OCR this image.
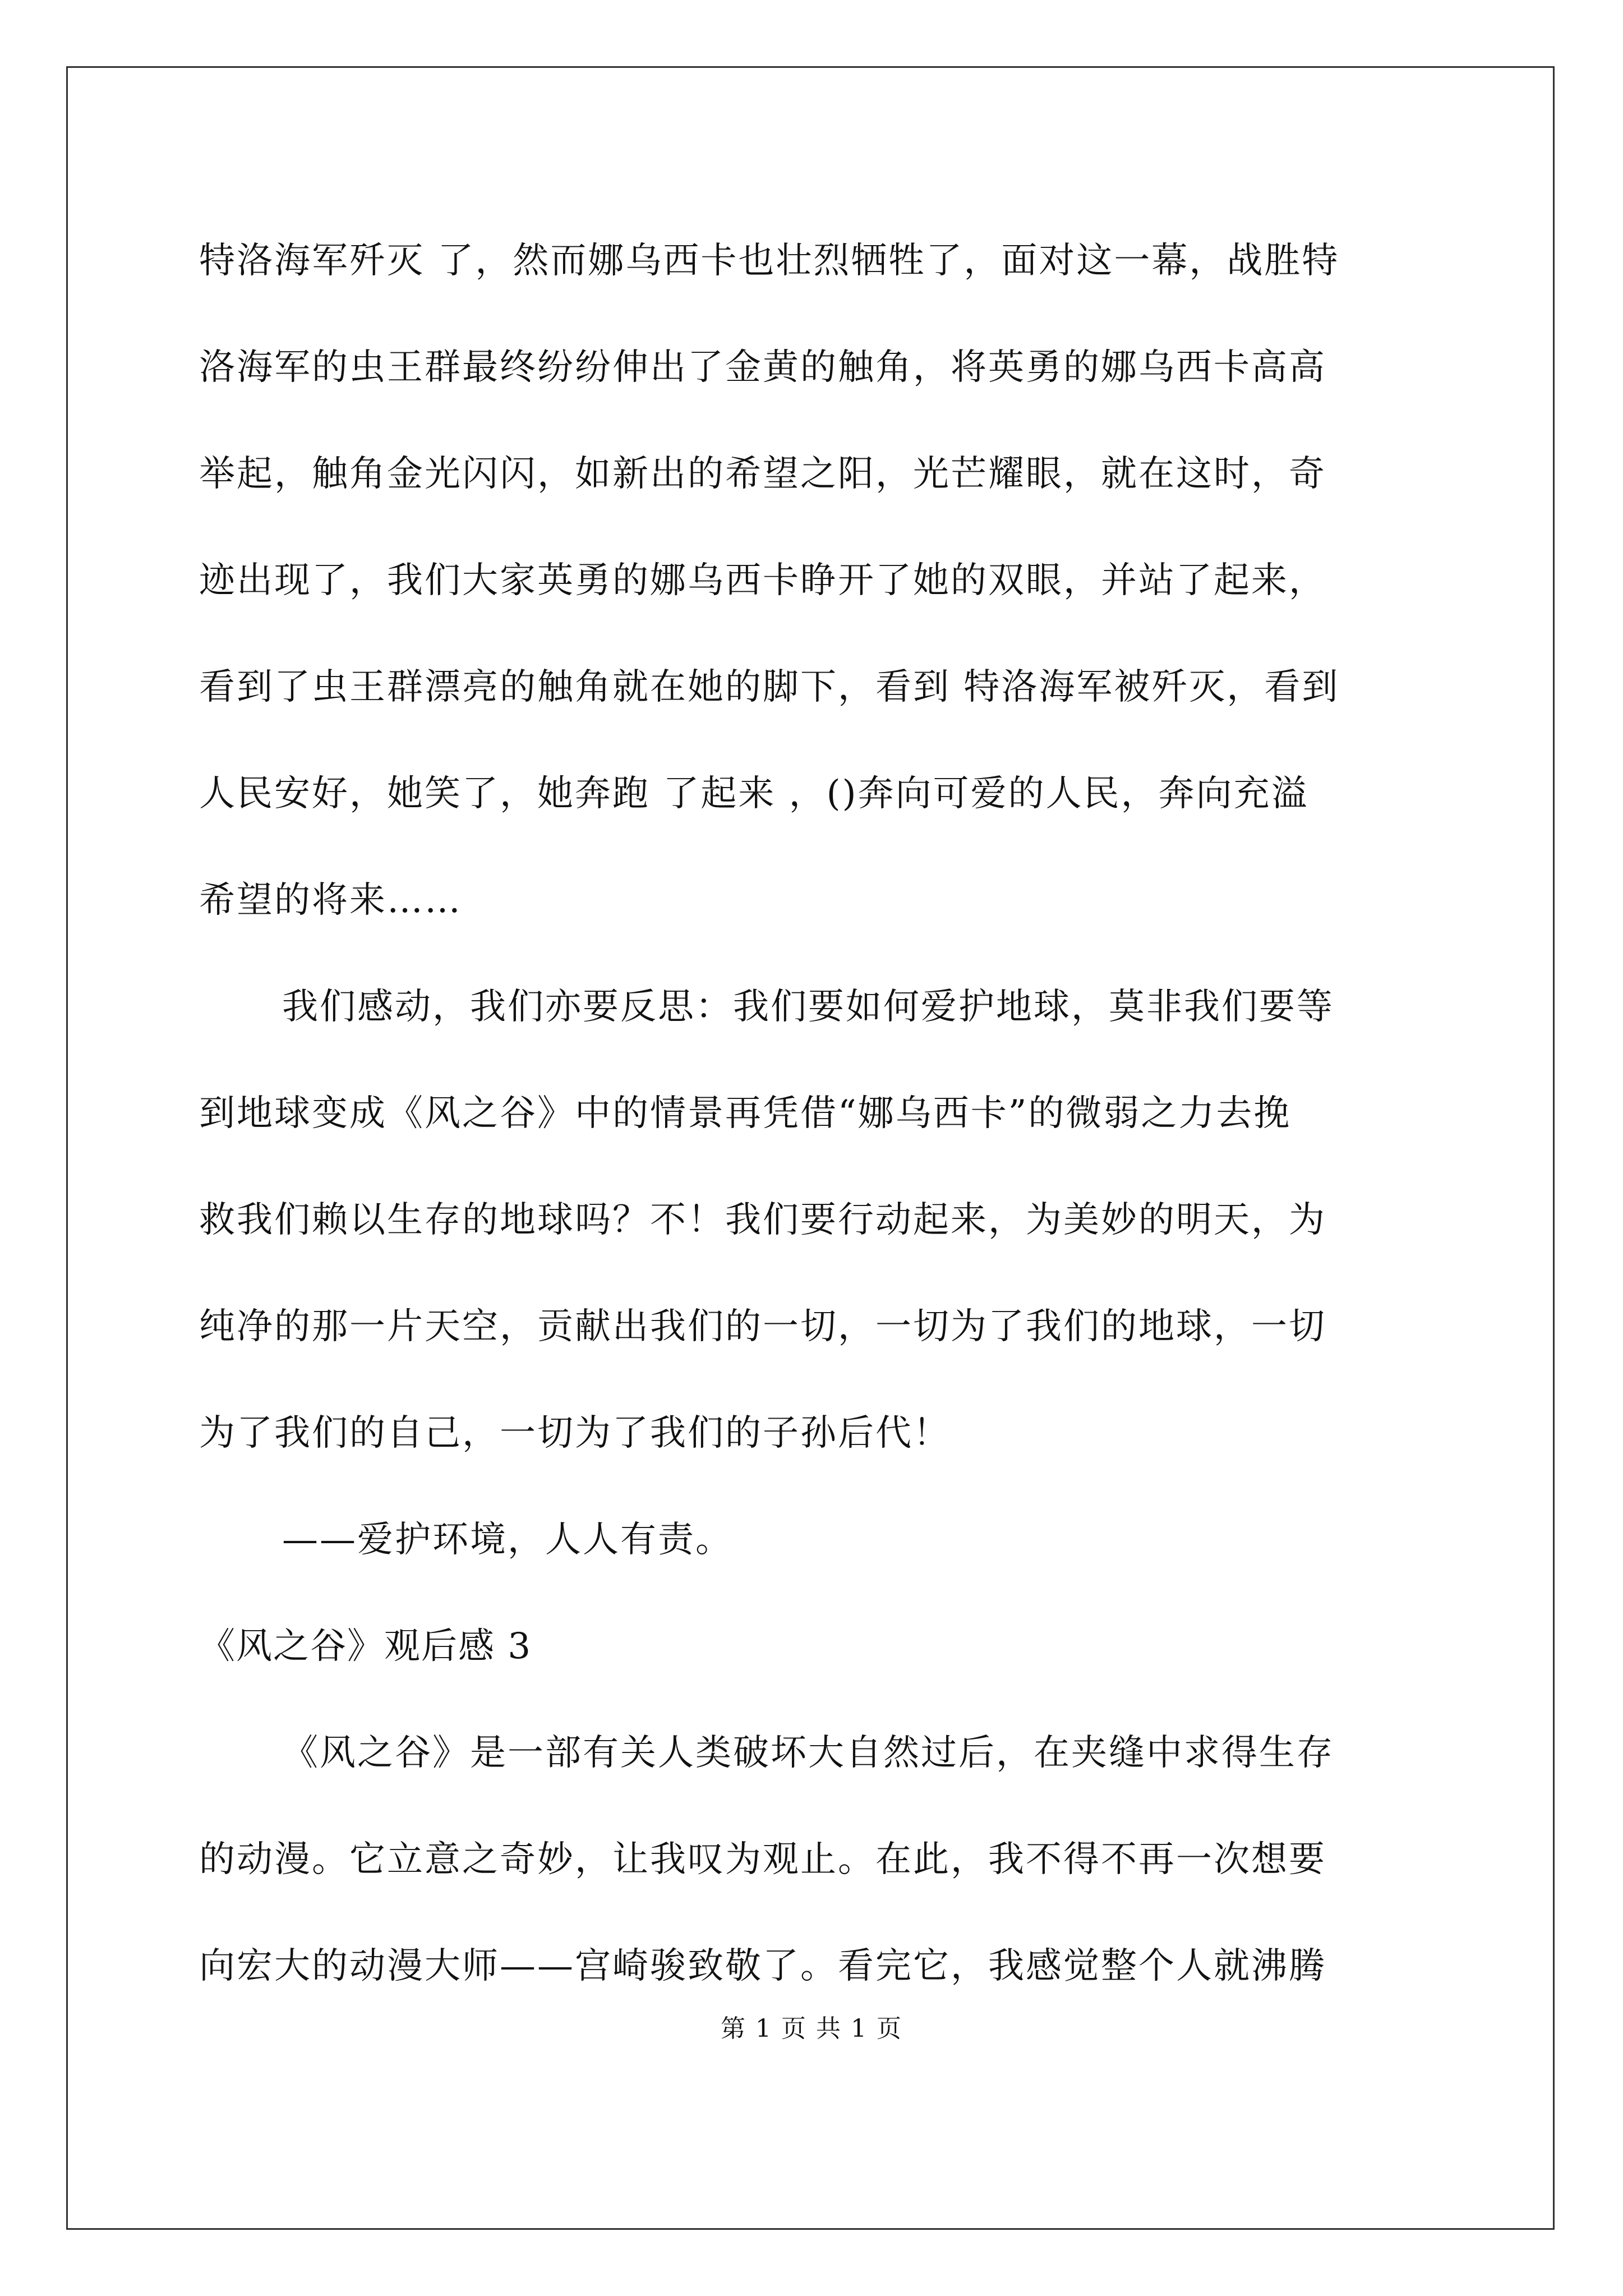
特洛海军歼灭 了，然而娜乌西卡也壮烈牺牲了，面对这一幕，战胜特

洛海军的虫王群最终纷纷伸出了金黄的触角，将英勇的娜乌西卡高高

举起，触角金光闪闪，如新出的希望之阳，光芒耀眼，就在这时，奇

迹出现了，我们大家英勇的娜乌西卡睁开了她的双眼，并站了起来，

看到了虫王群漂亮的触角就在她的脚下，看到 特洛海军被歼灭，看到

人民安好，她笑了，她奔跑 了起来 ，()奔向可爱的人民，奔向充溢

希望的将来……

我们感动，我们亦要反思：我们要如何爱护地球，莫非我们要等

到地球变成《风之谷》中的情景再凭借“娜乌西卡”的微弱之力去挽

救我们赖以生存的地球吗？不！我们要行动起来，为美妙的明天，为

纯净的那一片天空，贡献出我们的一切，一切为了我们的地球，一切

为了我们的自己，一切为了我们的子孙后代！

——爱护环境，人人有责。

《风之谷》观后感 3

《风之谷》是一部有关人类破坏大自然过后，在夹缝中求得生存

的动漫。它立意之奇妙，让我叹为观止。在此，我不得不再一次想要

向宏大的动漫大师——宫崎骏致敬了。看完它，我感觉整个人就沸腾

第 1 页 共 1 页
